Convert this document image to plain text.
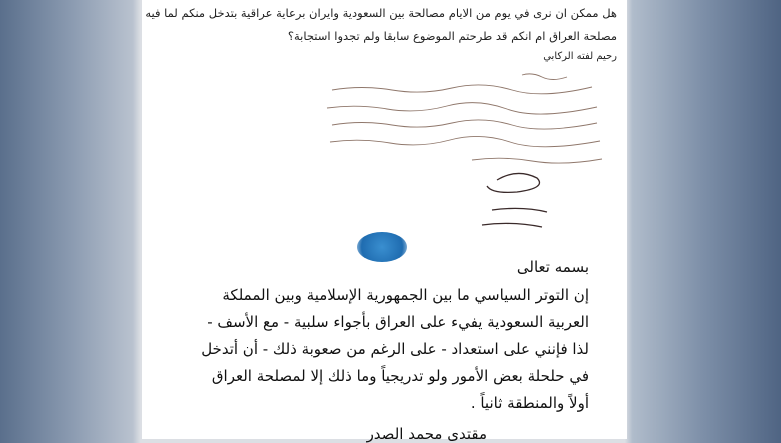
هل ممكن ان نرى في يوم من الايام مصالحة بين السعودية وايران برعاية عراقية بتدخل منكم لما فيه
مصلحة العراق ام انكم قد طرحتم الموضوع سابقا ولم تجدوا استجابة؟
رحيم لفته الركابي
بسمه تعالى
إن التوتر السياسي ما بين الجمهورية الإسلامية وبين المملكة
العربية السعودية يفيء على العراق بأجواء سلبية - مع الأسف -
لذا فإنني على استعداد - على الرغم من صعوبة ذلك - أن أتدخل
في حلحلة بعض الأمور ولو تدريجياً وما ذلك إلا لمصلحة العراق
أولاً والمنطقة ثانياً .
مقتدى محمد الصدر
